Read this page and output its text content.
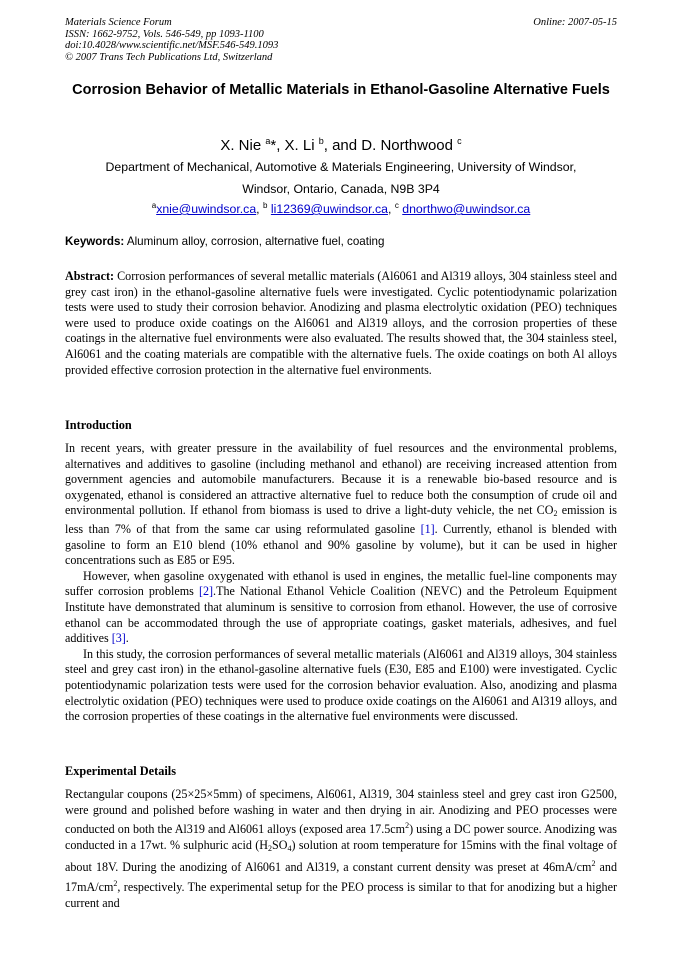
Materials Science Forum
ISSN: 1662-9752, Vols. 546-549, pp 1093-1100
doi:10.4028/www.scientific.net/MSF.546-549.1093
© 2007 Trans Tech Publications Ltd, Switzerland
Online: 2007-05-15
Corrosion Behavior of Metallic Materials in Ethanol-Gasoline Alternative Fuels
X. Nie $^a$*, X. Li $^b$, and D. Northwood $^c$
Department of Mechanical, Automotive & Materials Engineering, University of Windsor,
Windsor, Ontario, Canada, N9B 3P4
$^a$xnie@uwindsor.ca, $^b$ li12369@uwindsor.ca, $^c$ dnorthwo@uwindsor.ca
Keywords: Aluminum alloy, corrosion, alternative fuel, coating

Abstract: Corrosion performances of several metallic materials (Al6061 and Al319 alloys, 304 stainless steel and grey cast iron) in the ethanol-gasoline alternative fuels were investigated. Cyclic potentiodynamic polarization tests were used to study their corrosion behavior. Anodizing and plasma electrolytic oxidation (PEO) techniques were used to produce oxide coatings on the Al6061 and Al319 alloys, and the corrosion properties of these coatings in the alternative fuel environments were also evaluated. The results showed that, the 304 stainless steel, Al6061 and the coating materials are compatible with the alternative fuels. The oxide coatings on both Al alloys provided effective corrosion protection in the alternative fuel environments.

Introduction

In recent years, with greater pressure in the availability of fuel resources and the environmental problems, alternatives and additives to gasoline (including methanol and ethanol) are receiving increased attention from government agencies and automobile manufacturers. Because it is a renewable bio-based resource and is oxygenated, ethanol is considered an attractive alternative fuel to reduce both the consumption of crude oil and environmental pollution. If ethanol from biomass is used to drive a light-duty vehicle, the net $CO_2$ emission is less than 7% of that from the same car using reformulated gasoline [1]. Currently, ethanol is blended with gasoline to form an E10 blend (10% ethanol and 90% gasoline by volume), but it can be used in higher concentrations such as E85 or E95.

However, when gasoline oxygenated with ethanol is used in engines, the metallic fuel-line components may suffer corrosion problems [2].The National Ethanol Vehicle Coalition (NEVC) and the Petroleum Equipment Institute have demonstrated that aluminum is sensitive to corrosion from ethanol. However, the use of corrosive ethanol can be accommodated through the use of appropriate coatings, gasket materials, adhesives, and fuel additives [3].

In this study, the corrosion performances of several metallic materials (Al6061 and Al319 alloys, 304 stainless steel and grey cast iron) in the ethanol-gasoline alternative fuels (E30, E85 and E100) were investigated. Cyclic potentiodynamic polarization tests were used for the corrosion behavior evaluation. Also, anodizing and plasma electrolytic oxidation (PEO) techniques were used to produce oxide coatings on the Al6061 and Al319 alloys, and the corrosion properties of these coatings in the alternative fuel environments were discussed.

Experimental Details

Rectangular coupons (25×25×5mm) of specimens, Al6061, Al319, 304 stainless steel and grey cast iron G2500, were ground and polished before washing in water and then drying in air. Anodizing and PEO processes were conducted on both the Al319 and Al6061 alloys (exposed area $17.5cm^2$) using a DC power source. Anodizing was conducted in a 17wt. % sulphuric acid $(H_2SO_4)$ solution at room temperature for 15mins with the final voltage of about 18V. During the anodizing of Al6061 and Al319, a constant current density was preset at $46mA/cm^2$ and $17mA/cm^2$, respectively. The experimental setup for the PEO process is similar to that for anodizing but a higher current and
